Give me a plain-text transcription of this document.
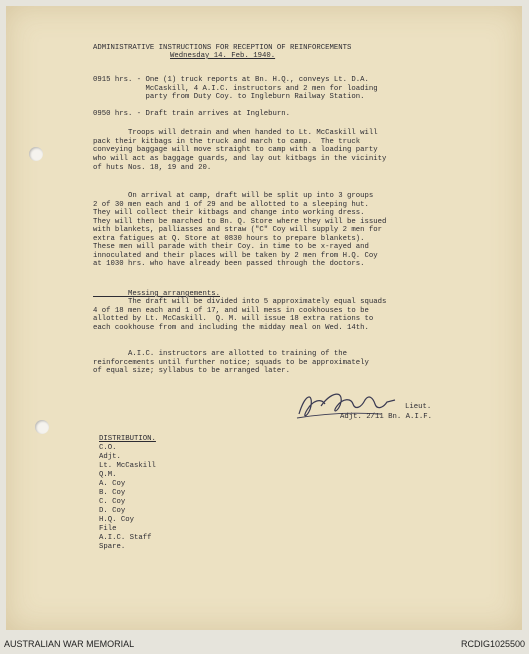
ADMINISTRATIVE INSTRUCTIONS FOR RECEPTION OF REINFORCEMENTS
Wednesday 14. Feb. 1940.
0915 hrs. - One (1) truck reports at Bn. H.Q., conveys Lt. D.A.
McCaskill, 4 A.I.C. instructors and 2 men for loading
party from Duty Coy. to Ingleburn Railway Station.
0950 hrs. - Draft train arrives at Ingleburn.
Troops will detrain and when handed to Lt. McCaskill will
pack their kitbags in the truck and march to camp.  The truck
conveying baggage will move straight to camp with a loading party
who will act as baggage guards, and lay out kitbags in the vicinity
of huts Nos. 18, 19 and 20.
On arrival at camp, draft will be split up into 3 groups
2 of 30 men each and 1 of 29 and be allotted to a sleeping hut.
They will collect their kitbags and change into working dress.
They will then be marched to Bn. Q. Store where they will be issued
with blankets, palliasses and straw ("C" Coy will supply 2 men for
extra fatigues at Q. Store at 0830 hours to prepare blankets).
These men will parade with their Coy. in time to be x-rayed and
innoculated and their places will be taken by 2 men from H.Q. Coy
at 1030 hrs. who have already been passed through the doctors.
Messing arrangements.
The draft will be divided into 5 approximately equal squads
4 of 18 men each and 1 of 17, and will mess in cookhouses to be
allotted by Lt. McCaskill.  Q. M. will issue 18 extra rations to
each cookhouse from and including the midday meal on Wed. 14th.
A.I.C. instructors are allotted to training of the
reinforcements until further notice; squads to be approximately
of equal size; syllabus to be arranged later.
Lieut.
Adjt. 2/11 Bn. A.I.F.
DISTRIBUTION.
C.O.
Adjt.
Lt. McCaskill
Q.M.
A. Coy
B. Coy
C. Coy
D. Coy
H.Q. Coy
File
A.I.C. Staff
Spare.
AUSTRALIAN WAR MEMORIAL	RCDIG1025500
